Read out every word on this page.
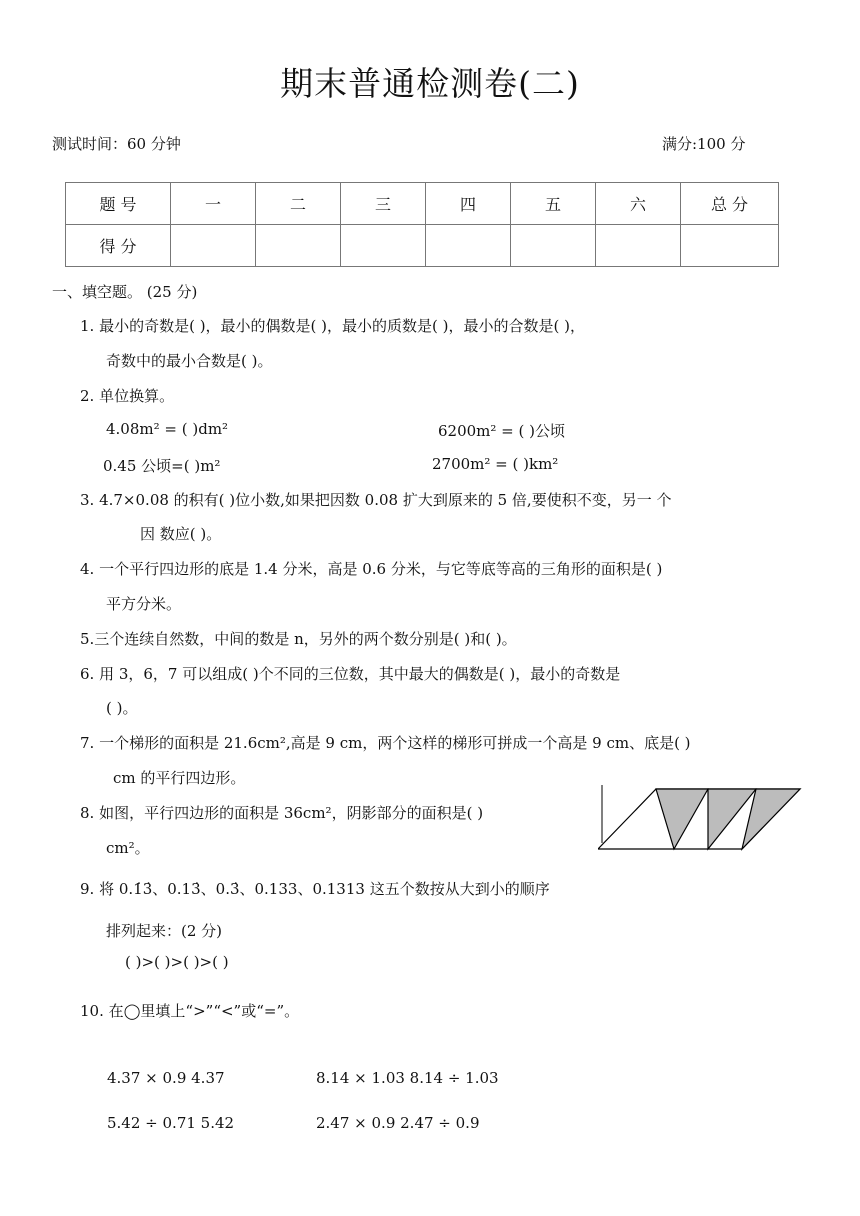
期末普通检测卷(二)
测试时间：60 分钟	满分:100 分
题 号	一	二	三	四	五	六	总 分
得 分							
一、填空题。 (25 分)
1. 最小的奇数是( )，最小的偶数是( )，最小的质数是( )，最小的合数是( )，
奇数中的最小合数是( )。
2. 单位换算。
4.08m² = ( )dm²	6200m² = ( )公顷
0.45 公顷=( )m²	2700m² = ( )km²
3. 4.7×0.08 的积有( )位小数,如果把因数 0.08 扩大到原来的 5 倍,要使积不变，另一 个
因 数应( )。
4. 一个平行四边形的底是 1.4 分米，高是 0.6 分米，与它等底等高的三角形的面积是( )
平方分米。
5.三个连续自然数，中间的数是 n，另外的两个数分别是( )和( )。
6. 用 3，6，7 可以组成( )个不同的三位数，其中最大的偶数是( )，最小的奇数是
( )。
7. 一个梯形的面积是 21.6cm²,高是 9 cm，两个这样的梯形可拼成一个高是 9 cm、底是( )
cm 的平行四边形。
8. 如图，平行四边形的面积是 36cm²，阴影部分的面积是( )
cm²。
9. 将 0.1̇3̇、0.13̇、0.3̇、0.133、0.1313 这五个数按从大到小的顺序
排列起来：(2 分)
( )>( )>( )>( )
10. 在◯里填上“>”“<”或“=”。
4.37 × 0.9 4.37	8.14 × 1.03 8.14 ÷ 1.03
5.42 ÷ 0.71 5.42	2.47 × 0.9 2.47 ÷ 0.9
